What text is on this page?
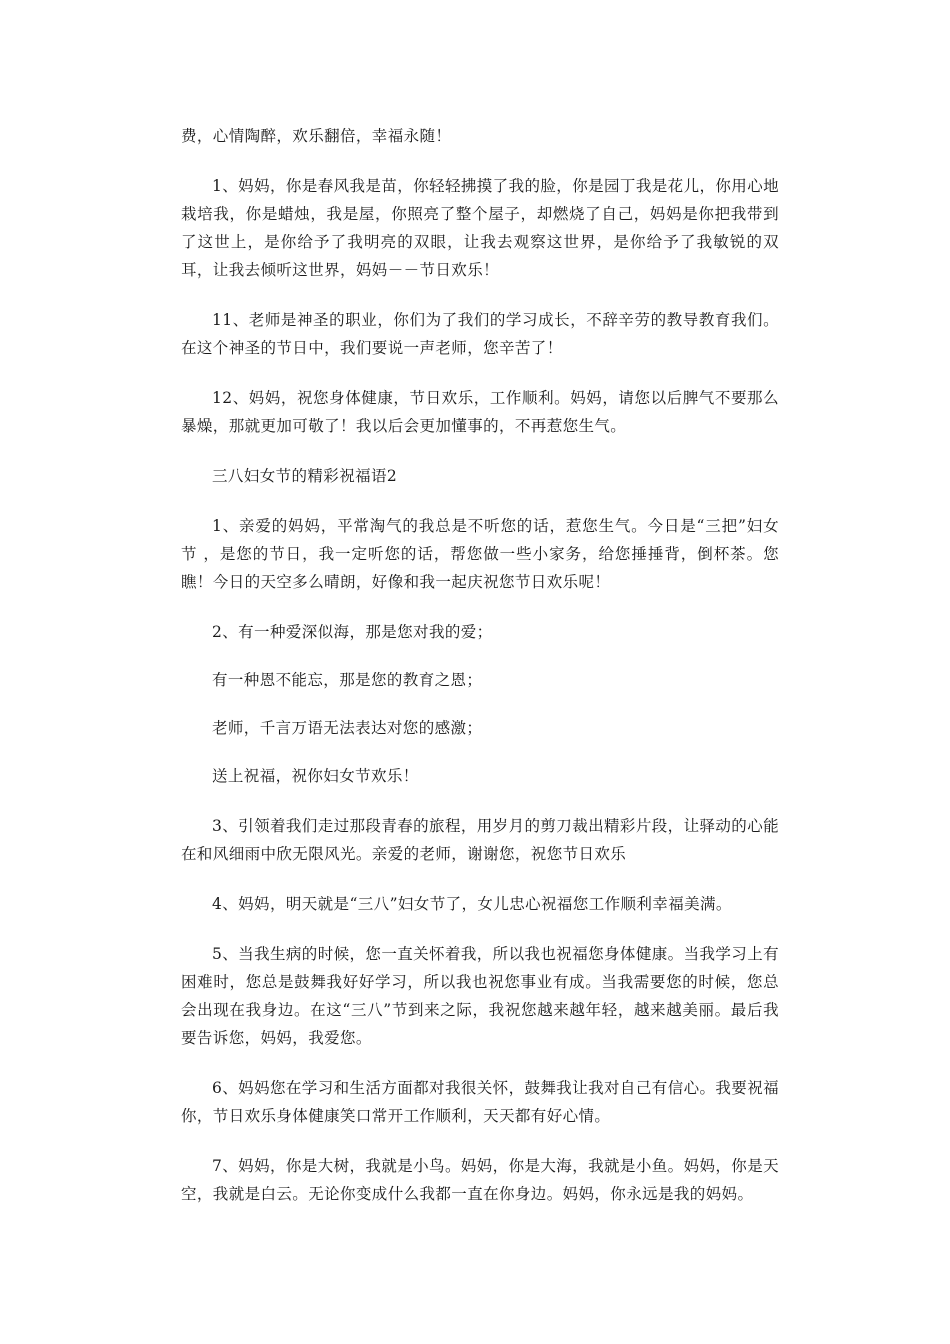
费，心情陶醉，欢乐翻倍，幸福永随！

1、妈妈，你是春风我是苗，你轻轻拂摸了我的脸，你是园丁我是花儿，你用心地栽培我，你是蜡烛，我是屋，你照亮了整个屋子，却燃烧了自己，妈妈是你把我带到了这世上，是你给予了我明亮的双眼，让我去观察这世界，是你给予了我敏锐的双耳，让我去倾听这世界，妈妈－－节日欢乐！

11、老师是神圣的职业，你们为了我们的学习成长，不辞辛劳的教导教育我们。在这个神圣的节日中，我们要说一声老师，您辛苦了！

12、妈妈，祝您身体健康，节日欢乐，工作顺利。妈妈，请您以后脾气不要那么暴燥，那就更加可敬了！我以后会更加懂事的，不再惹您生气。

三八妇女节的精彩祝福语2

1、亲爱的妈妈，平常淘气的我总是不听您的话，惹您生气。今日是“三把”妇女节 ，是您的节日，我一定听您的话，帮您做一些小家务，给您捶捶背，倒杯茶。您瞧！今日的天空多么晴朗，好像和我一起庆祝您节日欢乐呢！

2、有一种爱深似海，那是您对我的爱；

有一种恩不能忘，那是您的教育之恩；

老师，千言万语无法表达对您的感激；

送上祝福，祝你妇女节欢乐！

3、引领着我们走过那段青春的旅程，用岁月的剪刀裁出精彩片段，让驿动的心能在和风细雨中欣无限风光。亲爱的老师，谢谢您，祝您节日欢乐

4、妈妈，明天就是“三八”妇女节了，女儿忠心祝福您工作顺利幸福美满。

5、当我生病的时候，您一直关怀着我，所以我也祝福您身体健康。当我学习上有困难时，您总是鼓舞我好好学习，所以我也祝您事业有成。当我需要您的时候，您总会出现在我身边。在这“三八”节到来之际，我祝您越来越年轻，越来越美丽。最后我要告诉您，妈妈，我爱您。

6、妈妈您在学习和生活方面都对我很关怀，鼓舞我让我对自己有信心。我要祝福你，节日欢乐身体健康笑口常开工作顺利，天天都有好心情。

7、妈妈，你是大树，我就是小鸟。妈妈，你是大海，我就是小鱼。妈妈，你是天空，我就是白云。无论你变成什么我都一直在你身边。妈妈，你永远是我的妈妈。
